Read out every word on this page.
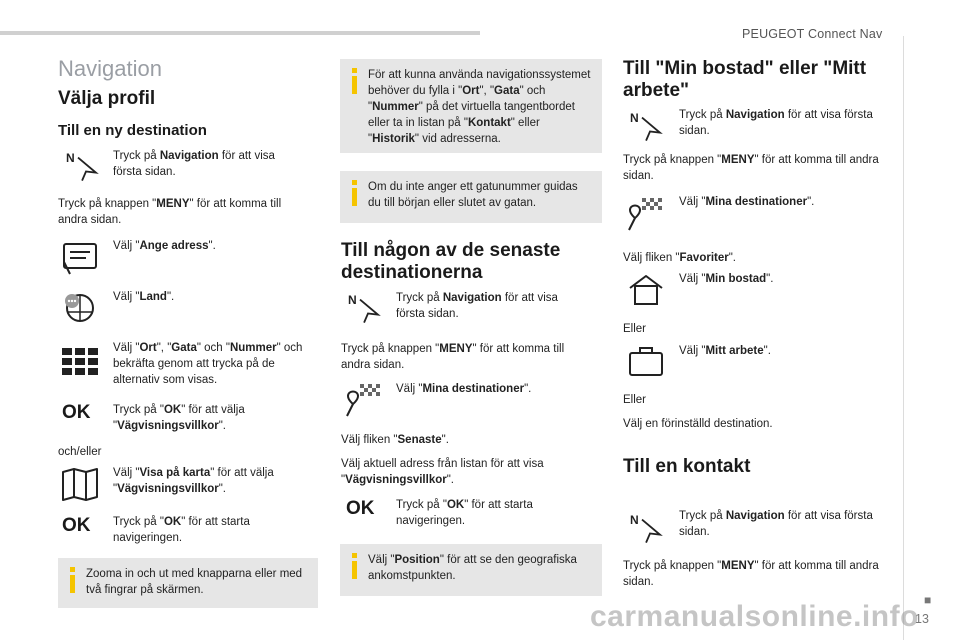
PEUGEOT Connect Nav
■
13
Navigation
Välja profil
Till en ny destination
N	Tryck på Navigation för att visa första sidan.
Tryck på knappen "MENY" för att komma till andra sidan.
Välj "Ange adress".
Välj "Land".
Välj "Ort", "Gata" och "Nummer" och bekräfta genom att trycka på de alternativ som visas.
OK Tryck på "OK" för att välja "Vägvisningsvillkor".
och/eller
Välj "Visa på karta" för att välja "Vägvisningsvillkor".
OK Tryck på "OK" för att starta navigeringen.
Zooma in och ut med knapparna eller med två fingrar på skärmen.
För att kunna använda navigationssystemet behöver du fylla i "Ort", "Gata" och "Nummer" på det virtuella tangentbordet eller ta in listan på "Kontakt" eller "Historik" vid adresserna.
Om du inte anger ett gatunummer guidas du till början eller slutet av gatan.
Till någon av de senaste destinationerna
N	Tryck på Navigation för att visa första sidan.
Tryck på knappen "MENY" för att komma till andra sidan.
Välj "Mina destinationer".
Välj fliken "Senaste".
Välj aktuell adress från listan för att visa "Vägvisningsvillkor".
OK Tryck på "OK" för att starta navigeringen.
Välj "Position" för att se den geografiska ankomstpunkten.
Till "Min bostad" eller "Mitt arbete"
N	Tryck på Navigation för att visa första sidan.
Tryck på knappen "MENY" för att komma till andra sidan.
Välj "Mina destinationer".
Välj fliken "Favoriter".
Välj "Min bostad".
Eller
Välj "Mitt arbete".
Eller
Välj en förinställd destination.
Till en kontakt
N	Tryck på Navigation för att visa första sidan.
Tryck på knappen "MENY" för att komma till andra sidan.
carmanualsonline.info
